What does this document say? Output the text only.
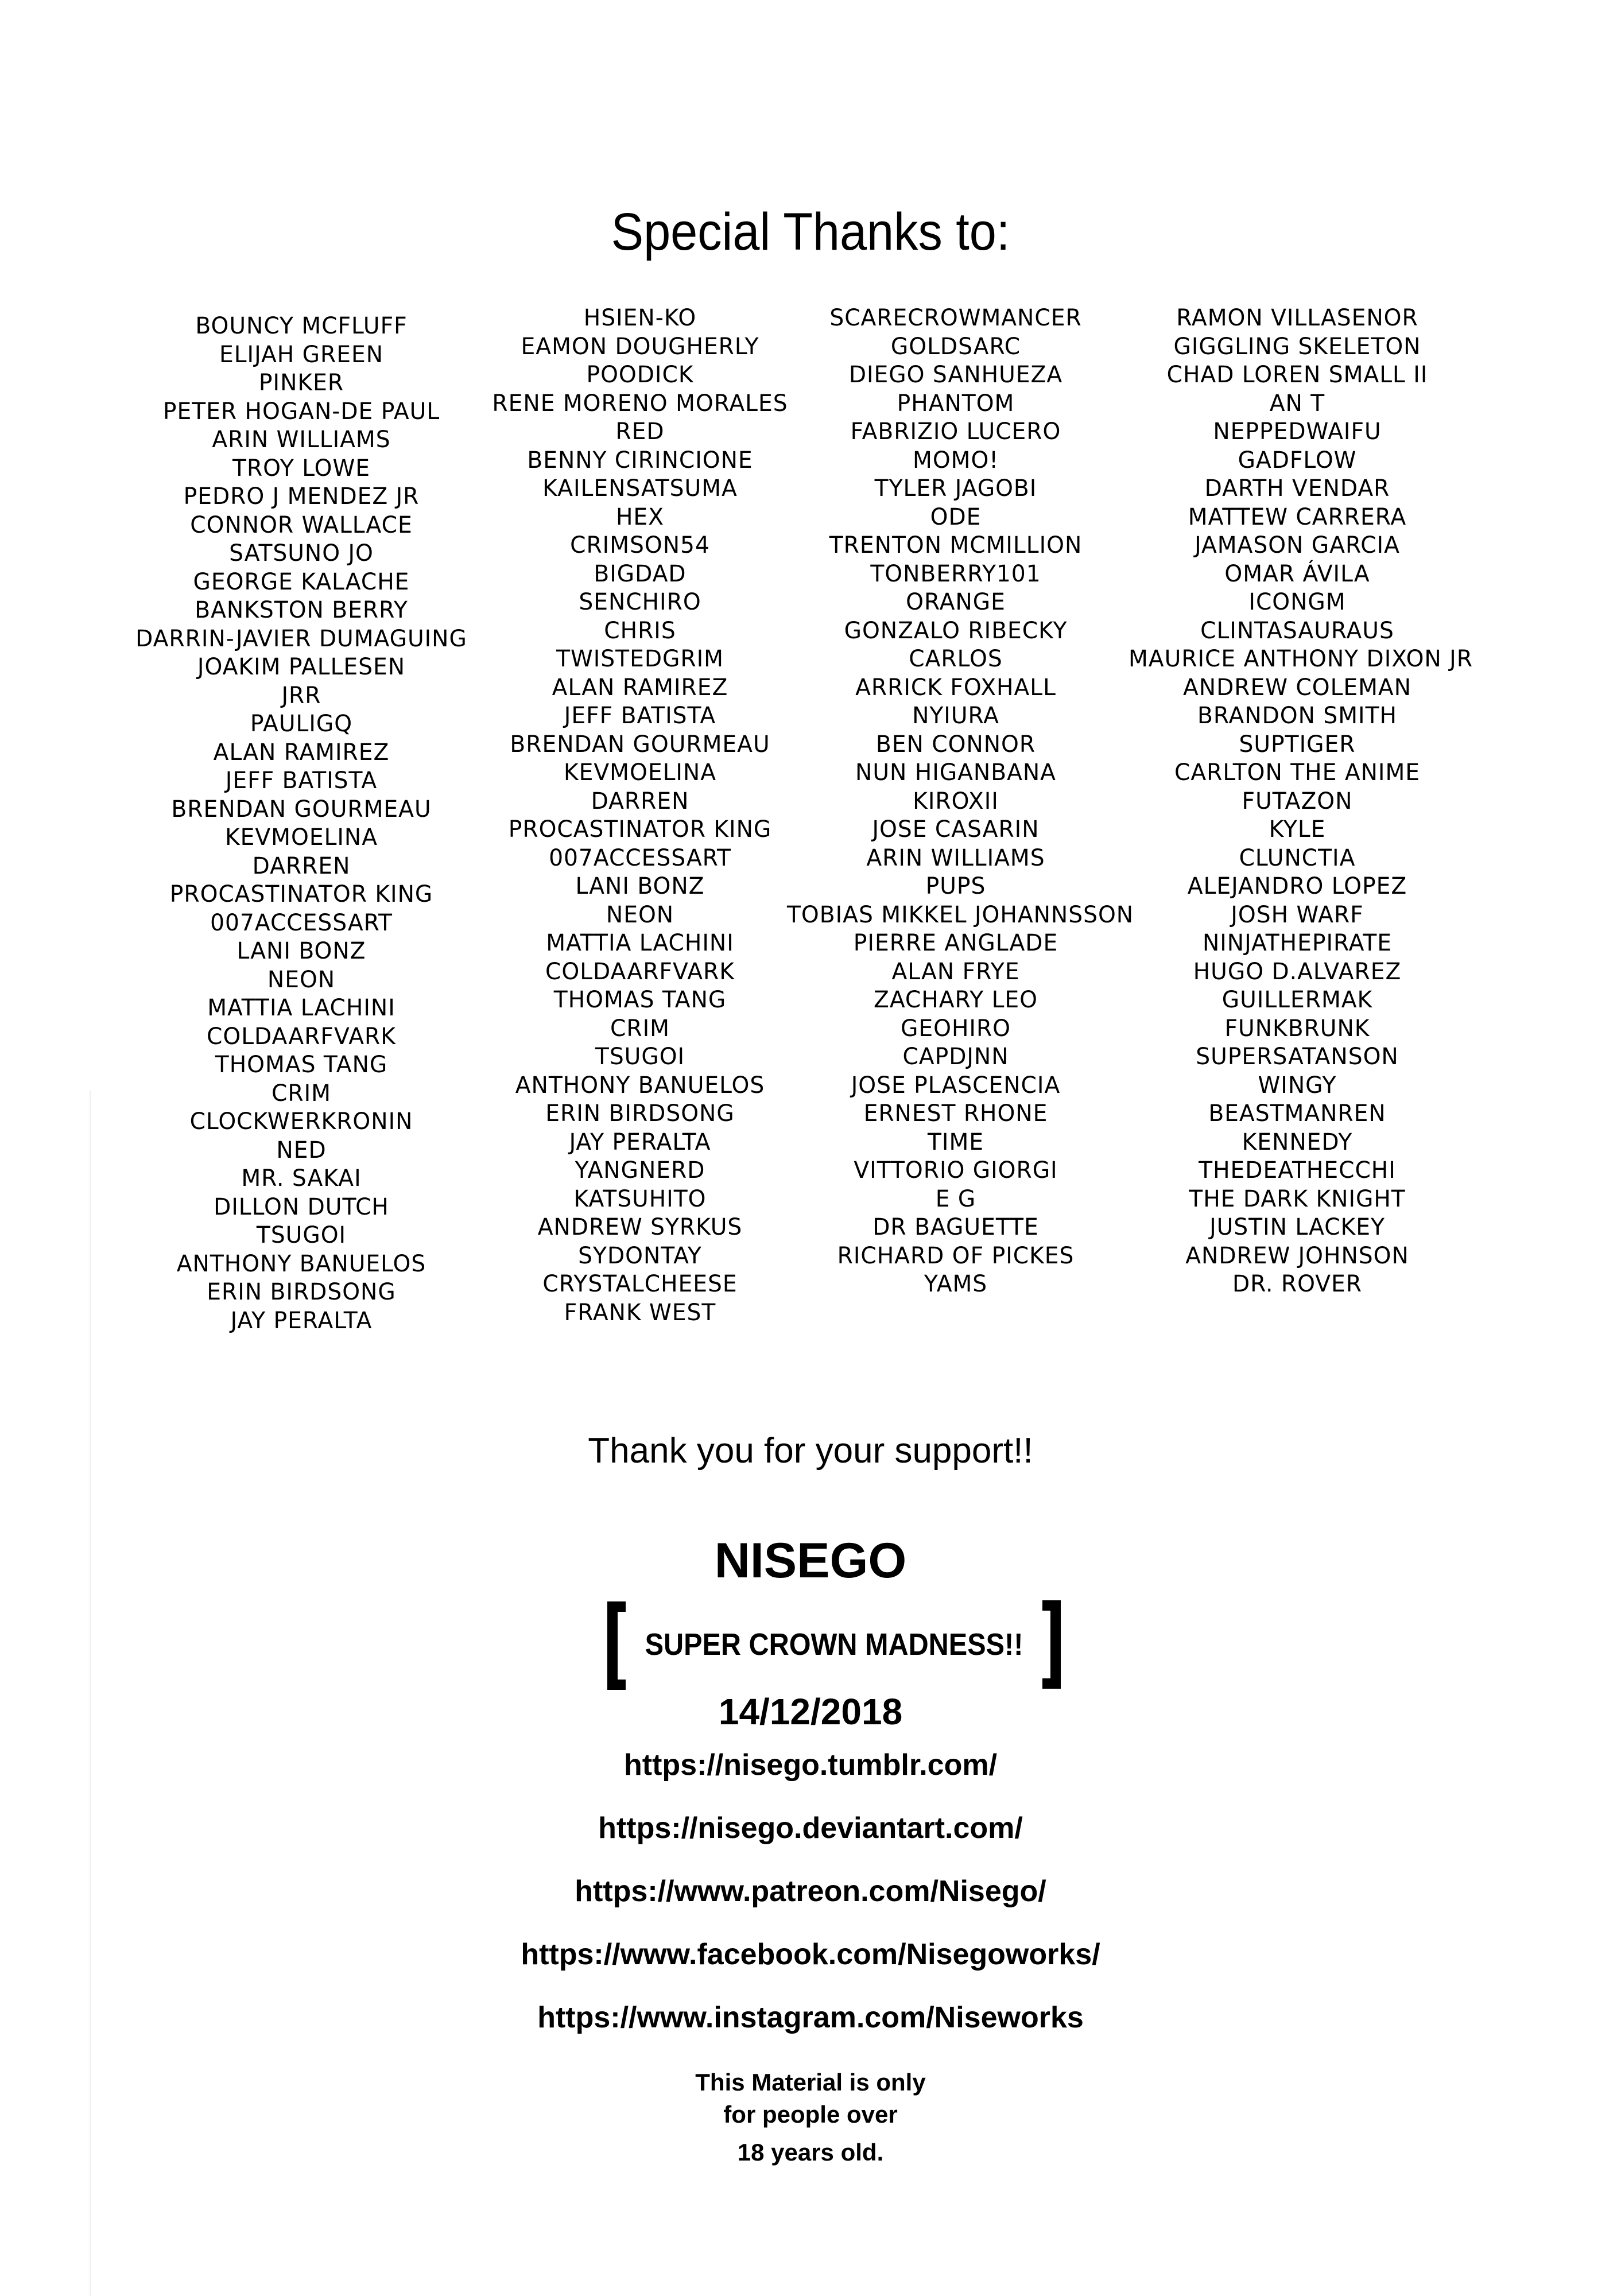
Special Thanks to:
BOUNCY MCFLUFF
ELIJAH GREEN
PINKER
PETER HOGAN-DE PAUL
ARIN WILLIAMS
TROY LOWE
PEDRO J MENDEZ JR
CONNOR WALLACE
SATSUNO JO
GEORGE KALACHE
BANKSTON BERRY
DARRIN-JAVIER DUMAGUING
JOAKIM PALLESEN
JRR
PAULIGQ
ALAN RAMIREZ
JEFF BATISTA
BRENDAN GOURMEAU
KEVMOELINA
DARREN
PROCASTINATOR KING
007ACCESSART
LANI BONZ
NEON
MATTIA LACHINI
COLDAARFVARK
THOMAS TANG
CRIM
CLOCKWERKRONIN
NED
MR. SAKAI
DILLON DUTCH
TSUGOI
ANTHONY BANUELOS
ERIN BIRDSONG
JAY PERALTA
HSIEN-KO
EAMON DOUGHERLY
POODICK
RENE MORENO MORALES
RED
BENNY CIRINCIONE
KAILENSATSUMA
HEX
CRIMSON54
BIGDAD
SENCHIRO
CHRIS
TWISTEDGRIM
ALAN RAMIREZ
JEFF BATISTA
BRENDAN GOURMEAU
KEVMOELINA
DARREN
PROCASTINATOR KING
007ACCESSART
LANI BONZ
NEON
MATTIA LACHINI
COLDAARFVARK
THOMAS TANG
CRIM
TSUGOI
ANTHONY BANUELOS
ERIN BIRDSONG
JAY PERALTA
YANGNERD
KATSUHITO
ANDREW SYRKUS
SYDONTAY
CRYSTALCHEESE
FRANK WEST
SCARECROWMANCER
GOLDSARC
DIEGO SANHUEZA
PHANTOM
FABRIZIO LUCERO
MOMO!
TYLER JAGOBI
ODE
TRENTON MCMILLION
TONBERRY101
ORANGE
GONZALO RIBECKY
CARLOS
ARRICK FOXHALL
NYIURA
BEN CONNOR
NUN HIGANBANA
KIROXII
JOSE CASARIN
ARIN WILLIAMS
PUPS
TOBIAS MIKKEL JOHANNSSON
PIERRE ANGLADE
ALAN FRYE
ZACHARY LEO
GEOHIRO
CAPDJNN
JOSE PLASCENCIA
ERNEST RHONE
TIME
VITTORIO GIORGI
E G
DR BAGUETTE
RICHARD OF PICKES
YAMS
RAMON VILLASENOR
GIGGLING SKELETON
CHAD LOREN SMALL II
AN T
NEPPEDWAIFU
GADFLOW
DARTH VENDAR
MATTEW CARRERA
JAMASON GARCIA
OMAR ÁVILA
ICONGM
CLINTASAURAUS
MAURICE ANTHONY DIXON JR
ANDREW COLEMAN
BRANDON SMITH
SUPTIGER
CARLTON THE ANIME
FUTAZON
KYLE
CLUNCTIA
ALEJANDRO LOPEZ
JOSH WARF
NINJATHEPIRATE
HUGO D.ALVAREZ
GUILLERMAK
FUNKBRUNK
SUPERSATANSON
WINGY
BEASTMANREN
KENNEDY
THEDEATHECCHI
THE DARK KNIGHT
JUSTIN LACKEY
ANDREW JOHNSON
DR. ROVER
Thank you for your support!!
NISEGO
SUPER CROWN MADNESS!!
14/12/2018
https://nisego.tumblr.com/
https://nisego.deviantart.com/
https://www.patreon.com/Nisego/
https://www.facebook.com/Nisegoworks/
https://www.instagram.com/Niseworks
This Material is only
for people over
18 years old.
